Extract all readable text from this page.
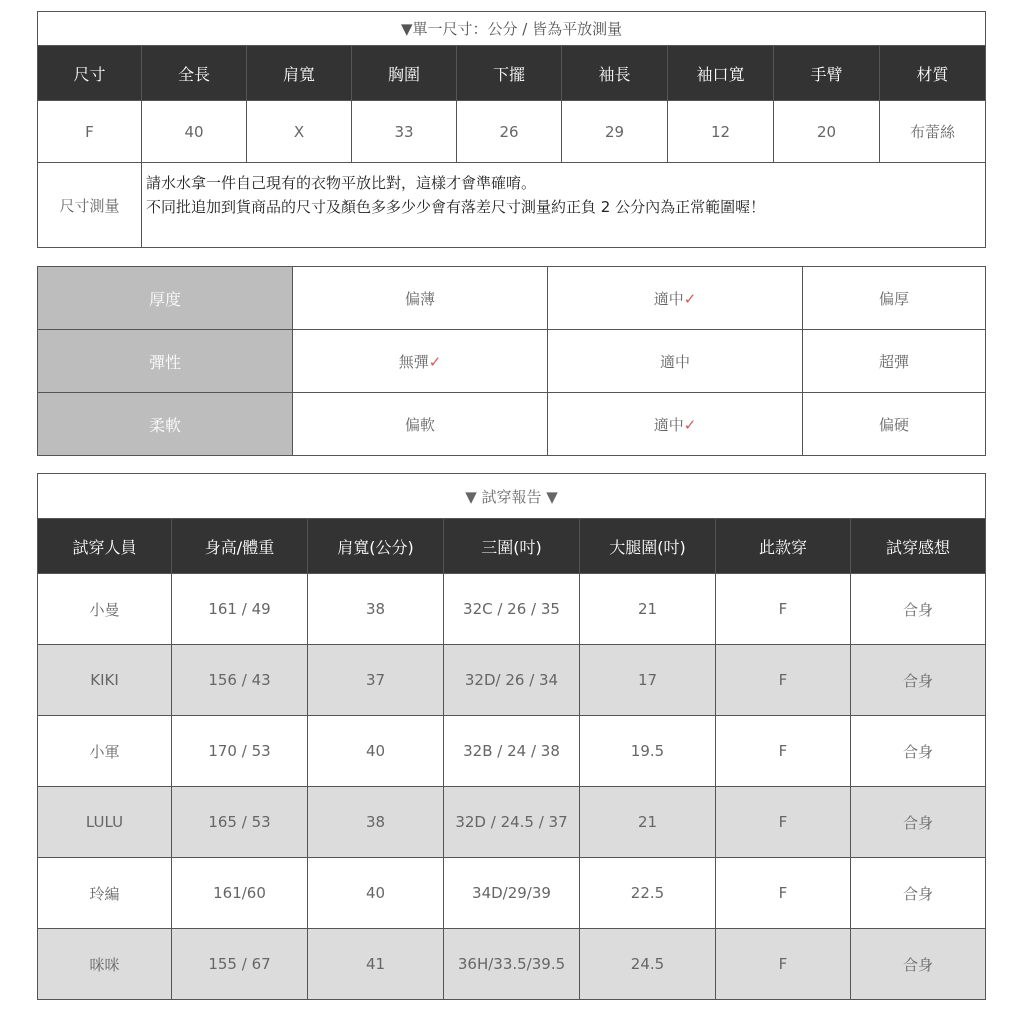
▼單一尺寸：公分 / 皆為平放測量								
尺寸	全長	肩寬	胸圍	下擺	袖長	袖口寬	手臂	材質
F	40	X	33	26	29	12	20	布蕾絲
尺寸測量	請水水拿一件自己現有的衣物平放比對，這樣才會準確唷。
不同批追加到貨商品的尺寸及顏色多多少少會有落差尺寸測量約正負 2 公分內為正常範圍喔！							
厚度	偏薄	適中✓	偏厚
彈性	無彈✓	適中	超彈
柔軟	偏軟	適中✓	偏硬
▼ 試穿報告 ▼						
試穿人員	身高/體重	肩寬(公分)	三圍(吋)	大腿圍(吋)	此款穿	試穿感想
小曼	161 / 49	38	32C / 26 / 35	21	F	合身
KIKI	156 / 43	37	32D/ 26 / 34	17	F	合身
小軍	170 / 53	40	32B / 24 / 38	19.5	F	合身
LULU	165 / 53	38	32D / 24.5 / 37	21	F	合身
玲編	161/60	40	34D/29/39	22.5	F	合身
咪咪	155 / 67	41	36H/33.5/39.5	24.5	F	合身
